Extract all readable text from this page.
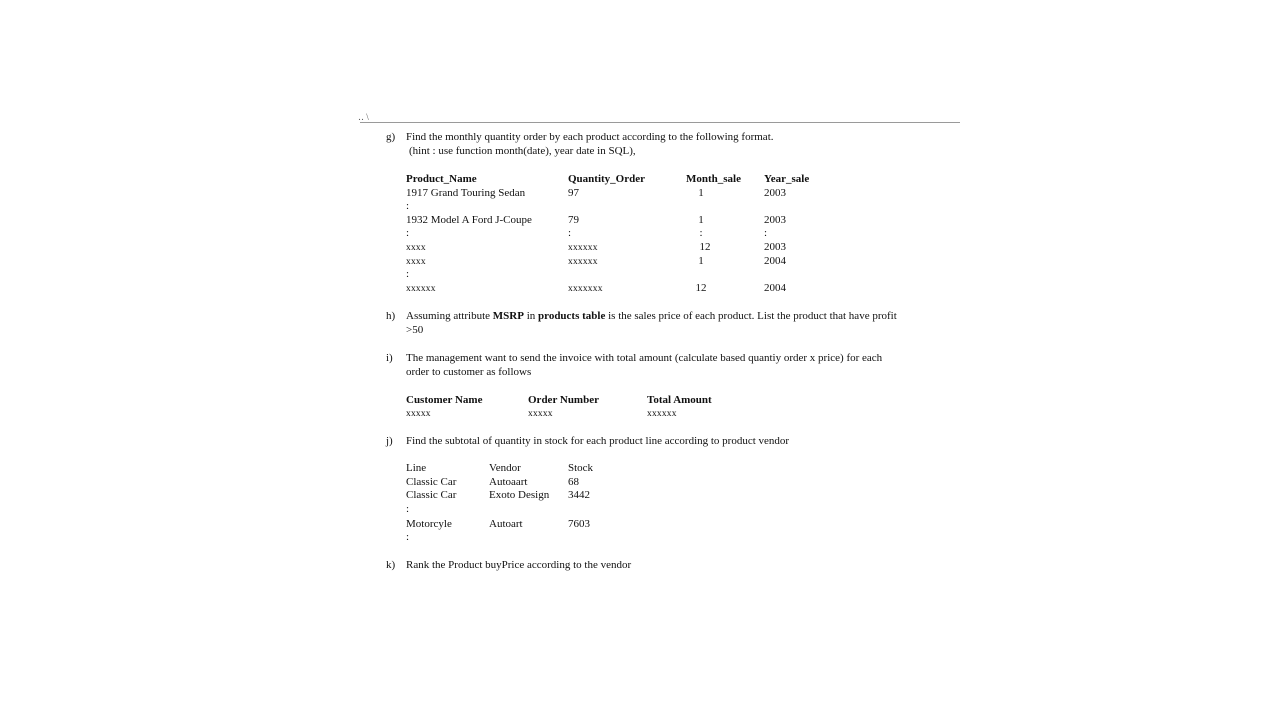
‥ \
g) Find the monthly quantity order by each product according to the following format.
(hint : use function month(date), year date in SQL),
Product_Name	Quantity_Order	Month_sale Year_sale
1917 Grand Touring Sedan	97	1	2003
:
1932 Model A Ford J-Coupe	79	1	2003
:	:	:	:
xxxx	xxxxxx	12	2003
xxxx	xxxxxx	1	2004
:
xxxxxx	xxxxxxx	12	2004
h) Assuming attribute MSRP in products table is the sales price of each product. List the product that have profit
>50
i) The management want to send the invoice with total amount (calculate based quantiy order x price) for each
order to customer as follows
Customer Name	Order Number	Total Amount
xxxxx	xxxxx	xxxxxx
j) Find the subtotal of quantity in stock for each product line according to product vendor
Line	Vendor	Stock
Classic Car	Autoaart	68
Classic Car	Exoto Design 3442
:
Motorcyle	Autoart	7603
:
k) Rank the Product buyPrice according to the vendor
